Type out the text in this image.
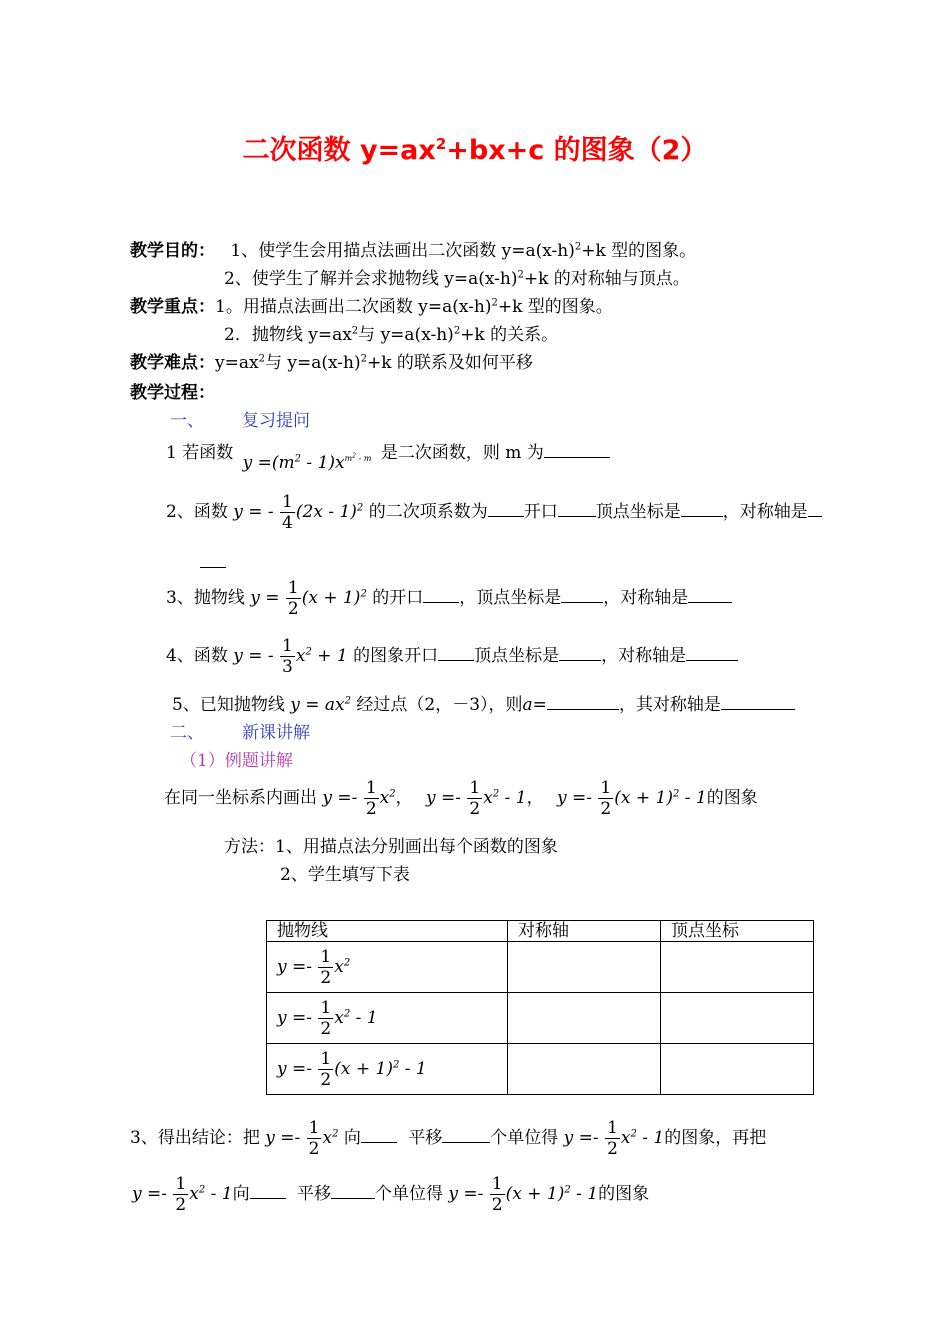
二次函数 $y=ax^2+bx+c$ 的图象（2）
教学目的： 1、使学生会用描点法画出二次函数 $y=a(x-h)^2+k$ 型的图象。
2、使学生了解并会求抛物线 $y=a(x-h)^2+k$ 的对称轴与顶点。
教学重点：1。用描点法画出二次函数 $y=a(x-h)^2+k$ 型的图象。
2．抛物线 $y=ax^2$与 $y=a(x-h)^2+k$ 的关系。
教学难点：$y=ax^2$与 $y=a(x-h)^2+k$ 的联系及如何平移
教学过程：
一、 复习提问
1 若函数 $y =(m^2 - 1)x^{m^2 - m}$ 是二次函数，则 m 为
2、函数 y = - $\frac{1}{4} (2x - 1)^2$ 的二次项系数为 开口 顶点坐标是 ，对称轴是
3、抛物线 $y = \frac{1}{2} (x + 1)^2$ 的开口 ，顶点坐标是 ，对称轴是
4、函数 y = - $\frac{1}{3} x^2 + 1$ 的图象开口 顶点坐标是 ，对称轴是
5、已知抛物线 $y = ax^2$ 经过点（2，－3），则a=	，其对称轴是
二、 新课讲解
（1）例题讲解
在同一坐标系内画出 $y =- \frac{1}{2} x^2$， $y =- \frac{1}{2} x^2 - 1$， $y =- \frac{1}{2} (x + 1)^2 - 1$的图象
方法：1、用描点法分别画出每个函数的图象
2、学生填写下表
抛物线	对称轴	顶点坐标
$y =- \frac{1}{2} x^2$		
$y =- \frac{1}{2} x^2 - 1$		
$y =- \frac{1}{2} (x + 1)^2 - 1$		
3、得出结论：把 $y =- \frac{1}{2} x^2$ 向	平移	个单位得 $y =- \frac{1}{2} x^2 - 1$的图象，再把
$y =- \frac{1}{2} x^2 - 1$向	平移	个单位得 $y =- \frac{1}{2} (x + 1)^2 - 1$的图象
